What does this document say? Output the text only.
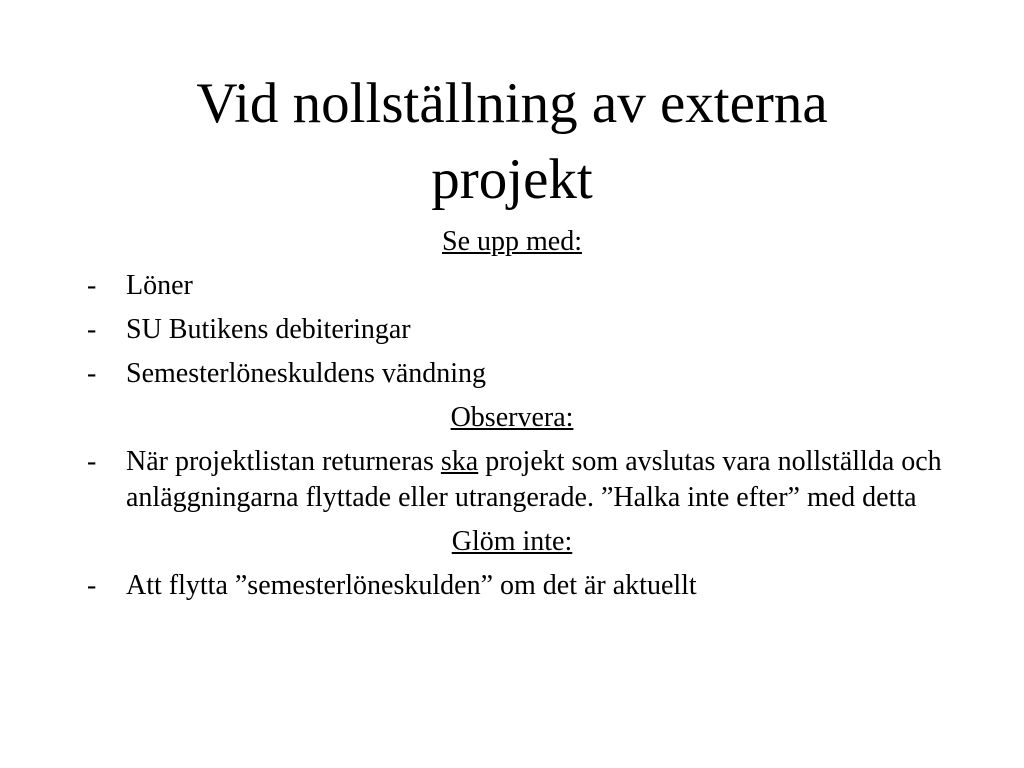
Vid nollställning av externa
projekt
Se upp med:
- Löner
- SU Butikens debiteringar
- Semesterlöneskuldens vändning
Observera:
- När projektlistan returneras ska projekt som avslutas vara nollställda och anläggningarna flyttade eller utrangerade. ”Halka inte efter” med detta
Glöm inte:
- Att flytta ”semesterlöneskulden” om det är aktuellt
